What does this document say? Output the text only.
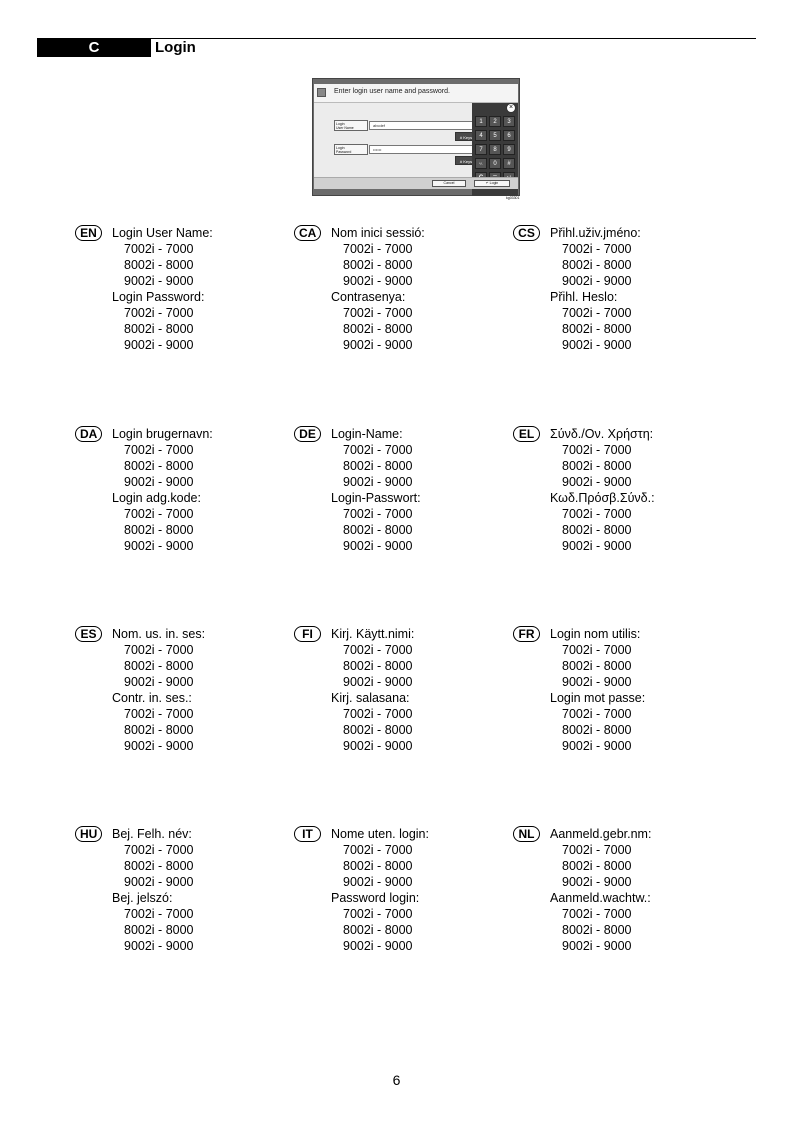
C	Login
Enter login user name and password.
Login
User Name	abcdef
# Keys
Login
Password	••••••
# Keys
×
1	2	3
4	5	6
7	8	9
*/.	0	#
Cancel	↵ Login
kg03301
EN	Login User Name:
7002i - 7000
8002i - 8000
9002i - 9000
Login Password:
7002i - 7000
8002i - 8000
9002i - 9000
CA	Nom inici sessió:
7002i - 7000
8002i - 8000
9002i - 9000
Contrasenya:
7002i - 7000
8002i - 8000
9002i - 9000
CS	Přihl.uživ.jméno:
7002i - 7000
8002i - 8000
9002i - 9000
Přihl. Heslo:
7002i - 7000
8002i - 8000
9002i - 9000
DA	Login brugernavn:
7002i - 7000
8002i - 8000
9002i - 9000
Login adg.kode:
7002i - 7000
8002i - 8000
9002i - 9000
DE	Login-Name:
7002i - 7000
8002i - 8000
9002i - 9000
Login-Passwort:
7002i - 7000
8002i - 8000
9002i - 9000
EL	Σύνδ./Ον. Χρήστη:
7002i - 7000
8002i - 8000
9002i - 9000
Κωδ.Πρόσβ.Σύνδ.:
7002i - 7000
8002i - 8000
9002i - 9000
ES	Nom. us. in. ses:
7002i - 7000
8002i - 8000
9002i - 9000
Contr. in. ses.:
7002i - 7000
8002i - 8000
9002i - 9000
FI	Kirj. Käytt.nimi:
7002i - 7000
8002i - 8000
9002i - 9000
Kirj. salasana:
7002i - 7000
8002i - 8000
9002i - 9000
FR	Login nom utilis:
7002i - 7000
8002i - 8000
9002i - 9000
Login mot passe:
7002i - 7000
8002i - 8000
9002i - 9000
HU	Bej. Felh. név:
7002i - 7000
8002i - 8000
9002i - 9000
Bej. jelszó:
7002i - 7000
8002i - 8000
9002i - 9000
IT	Nome uten. login:
7002i - 7000
8002i - 8000
9002i - 9000
Password login:
7002i - 7000
8002i - 8000
9002i - 9000
NL	Aanmeld.gebr.nm:
7002i - 7000
8002i - 8000
9002i - 9000
Aanmeld.wachtw.:
7002i - 7000
8002i - 8000
9002i - 9000
6
